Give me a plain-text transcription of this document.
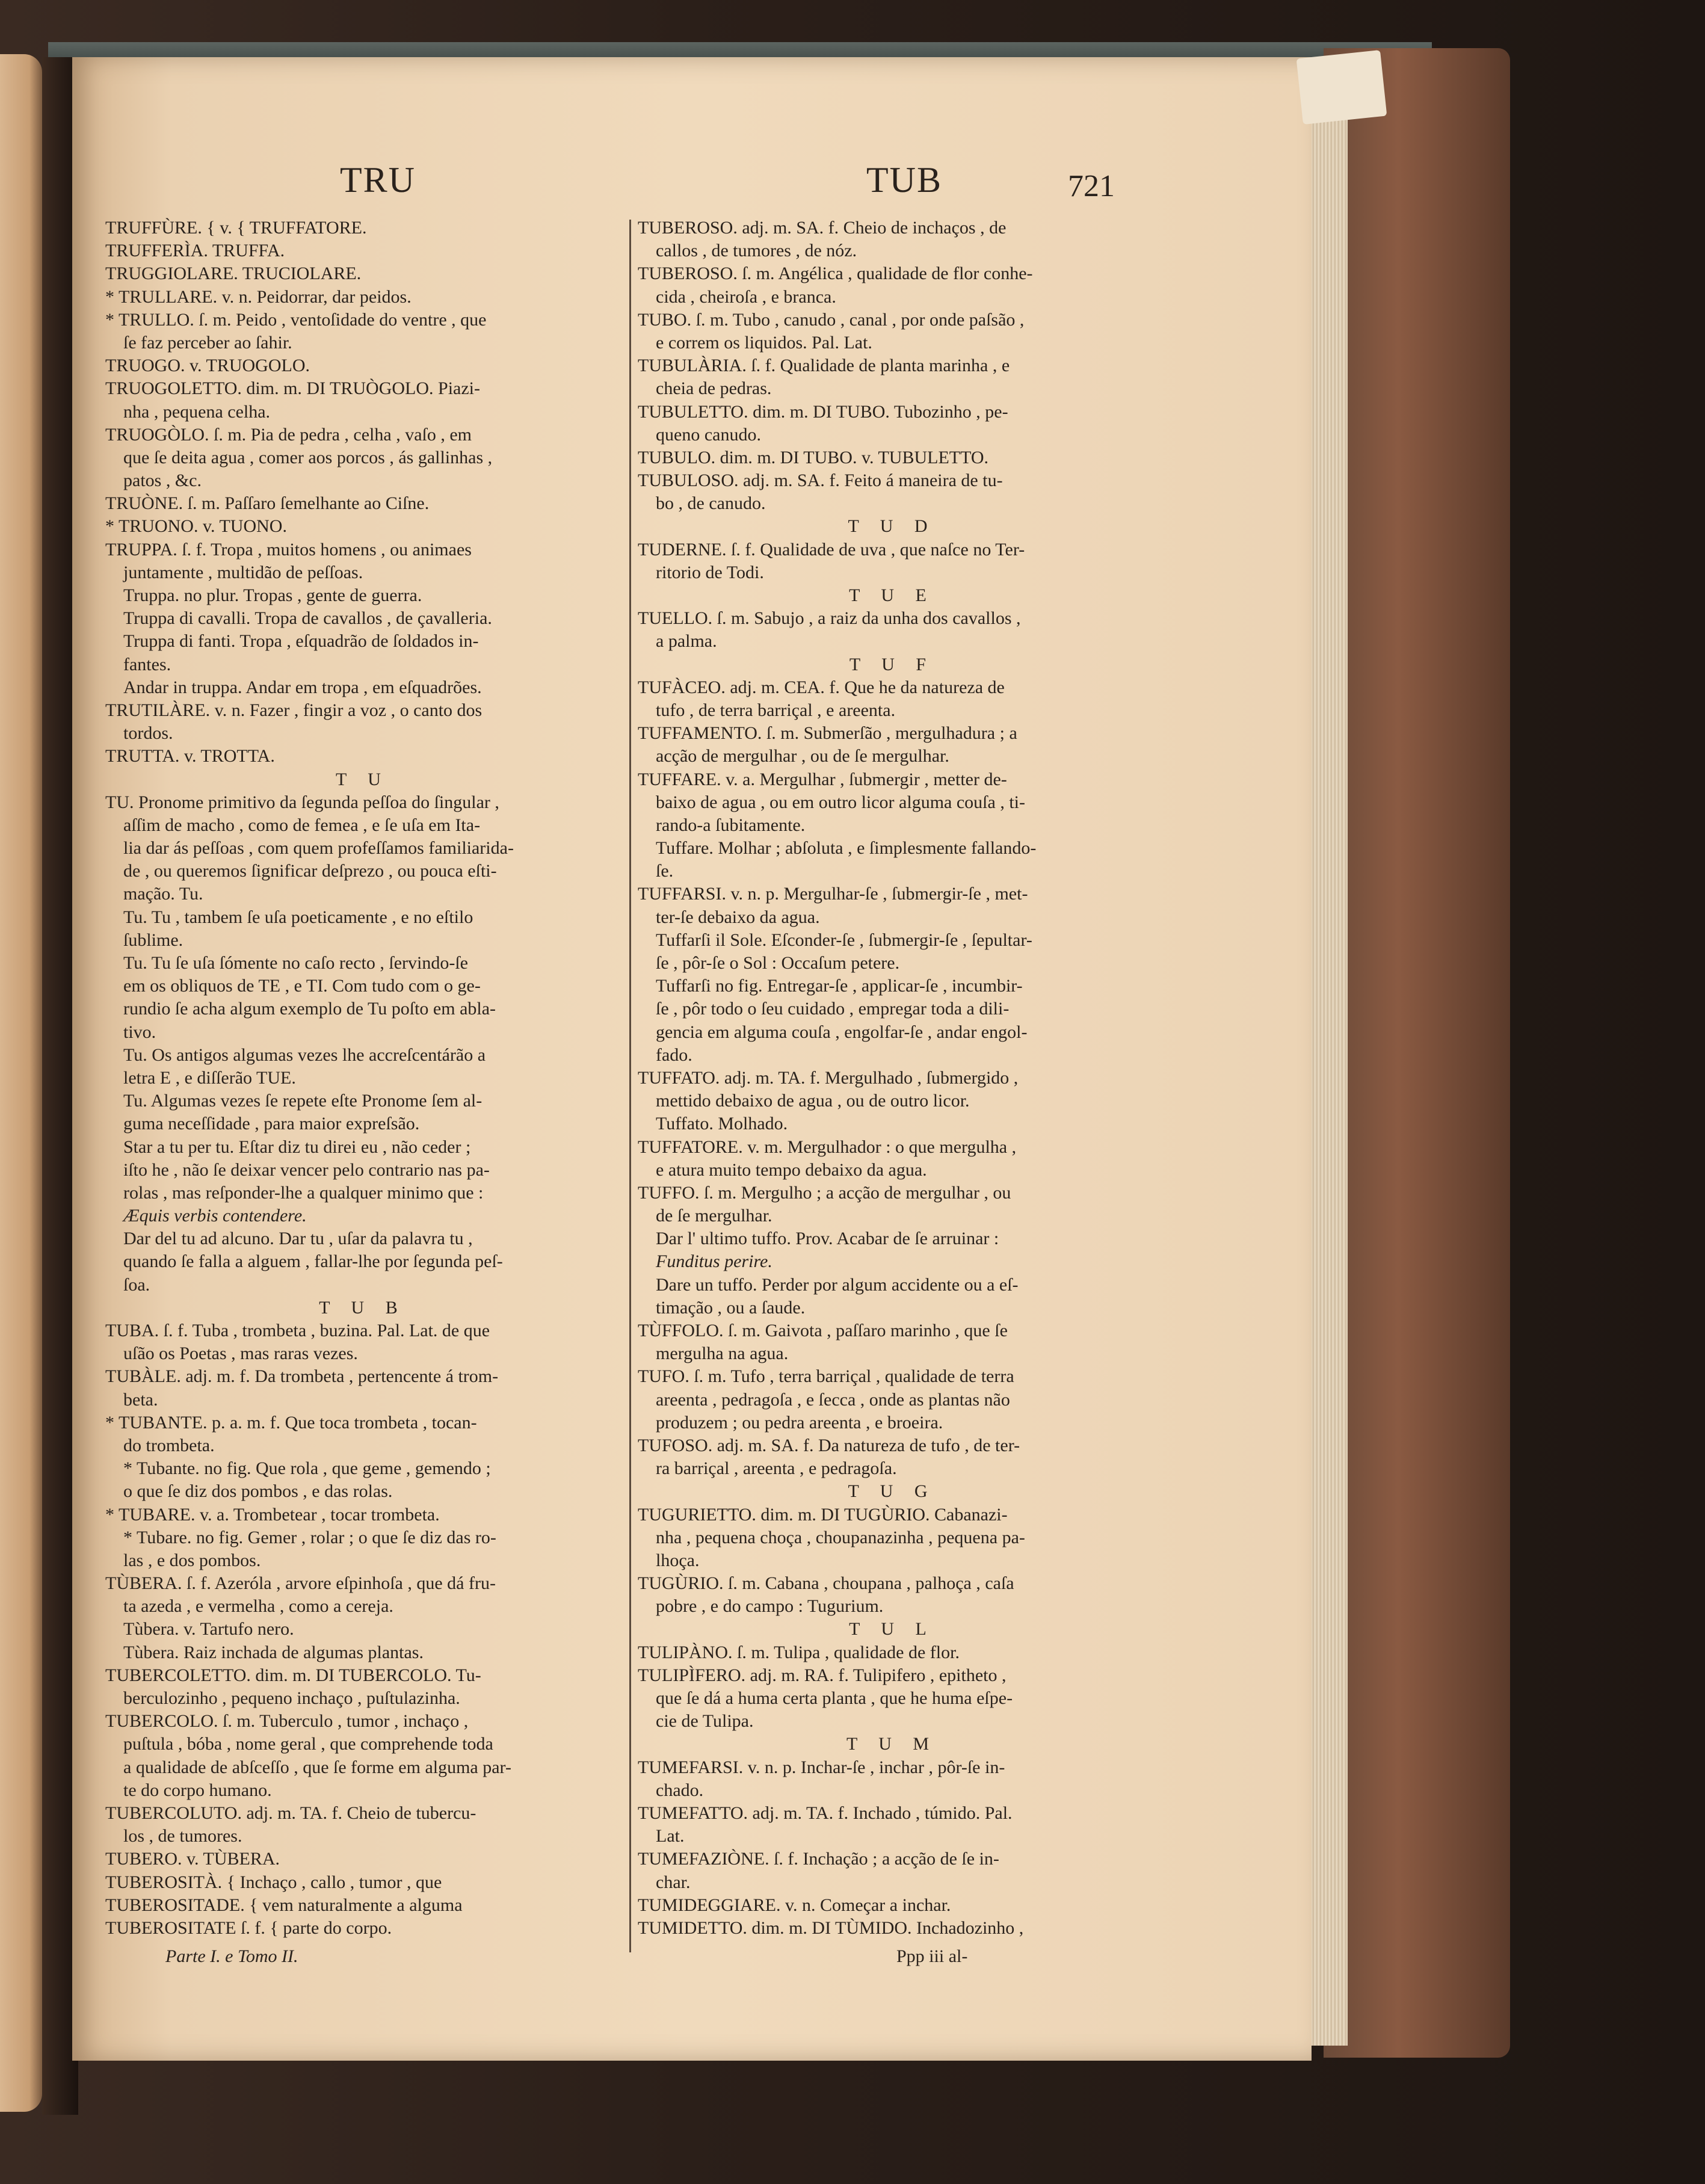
TRU	TUB	721
TRUFFÙRE. { v. { TRUFFATORE.
TRUFFERÌA. TRUFFA.
TRUGGIOLARE. TRUCIOLARE.
* TRULLARE. v. n. Peidorrar, dar peidos.
* TRULLO. ſ. m. Peido , ventoſidade do ventre , que
ſe faz perceber ao ſahir.
TRUOGO. v. TRUOGOLO.
TRUOGOLETTO. dim. m. DI TRUÒGOLO. Piazi-
nha , pequena celha.
TRUOGÒLO. ſ. m. Pia de pedra , celha , vaſo , em
que ſe deita agua , comer aos porcos , ás gallinhas ,
patos , &c.
TRUÒNE. ſ. m. Paſſaro ſemelhante ao Ciſne.
* TRUONO. v. TUONO.
TRUPPA. ſ. f. Tropa , muitos homens , ou animaes
juntamente , multidão de peſſoas.
Truppa. no plur. Tropas , gente de guerra.
Truppa di cavalli. Tropa de cavallos , de çavalleria.
Truppa di fanti. Tropa , eſquadrão de ſoldados in-
fantes.
Andar in truppa. Andar em tropa , em eſquadrões.
TRUTILÀRE. v. n. Fazer , fingir a voz , o canto dos
tordos.
TRUTTA. v. TROTTA.
T U
TU. Pronome primitivo da ſegunda peſſoa do ſingular ,
aſſim de macho , como de femea , e ſe uſa em Ita-
lia dar ás peſſoas , com quem profeſſamos familiarida-
de , ou queremos ſignificar deſprezo , ou pouca eſti-
mação. Tu.
Tu. Tu , tambem ſe uſa poeticamente , e no eſtilo
ſublime.
Tu. Tu ſe uſa ſómente no caſo recto , ſervindo-ſe
em os obliquos de TE , e TI. Com tudo com o ge-
rundio ſe acha algum exemplo de Tu poſto em abla-
tivo.
Tu. Os antigos algumas vezes lhe accreſcentárão a
letra E , e diſſerão TUE.
Tu. Algumas vezes ſe repete eſte Pronome ſem al-
guma neceſſidade , para maior expreſsão.
Star a tu per tu. Eſtar diz tu direi eu , não ceder ;
iſto he , não ſe deixar vencer pelo contrario nas pa-
rolas , mas reſponder-lhe a qualquer minimo que :
Æquis verbis contendere.
Dar del tu ad alcuno. Dar tu , uſar da palavra tu ,
quando ſe falla a alguem , fallar-lhe por ſegunda peſ-
ſoa.
T U B
TUBA. ſ. f. Tuba , trombeta , buzina. Pal. Lat. de que
uſão os Poetas , mas raras vezes.
TUBÀLE. adj. m. f. Da trombeta , pertencente á trom-
beta.
* TUBANTE. p. a. m. f. Que toca trombeta , tocan-
do trombeta.
* Tubante. no fig. Que rola , que geme , gemendo ;
o que ſe diz dos pombos , e das rolas.
* TUBARE. v. a. Trombetear , tocar trombeta.
* Tubare. no fig. Gemer , rolar ; o que ſe diz das ro-
las , e dos pombos.
TÙBERA. ſ. f. Azeróla , arvore eſpinhoſa , que dá fru-
ta azeda , e vermelha , como a cereja.
Tùbera. v. Tartufo nero.
Tùbera. Raiz inchada de algumas plantas.
TUBERCOLETTO. dim. m. DI TUBERCOLO. Tu-
berculozinho , pequeno inchaço , puſtulazinha.
TUBERCOLO. ſ. m. Tuberculo , tumor , inchaço ,
puſtula , bóba , nome geral , que comprehende toda
a qualidade de abſceſſo , que ſe forme em alguma par-
te do corpo humano.
TUBERCOLUTO. adj. m. TA. f. Cheio de tubercu-
los , de tumores.
TUBERO. v. TÙBERA.
TUBEROSITÀ. { Inchaço , callo , tumor , que
TUBEROSITADE. { vem naturalmente a alguma
TUBEROSITATE ſ. f. { parte do corpo.
TUBEROSO. adj. m. SA. f. Cheio de inchaços , de
callos , de tumores , de nóz.
TUBEROSO. ſ. m. Angélica , qualidade de flor conhe-
cida , cheiroſa , e branca.
TUBO. ſ. m. Tubo , canudo , canal , por onde paſsão ,
e correm os liquidos. Pal. Lat.
TUBULÀRIA. ſ. f. Qualidade de planta marinha , e
cheia de pedras.
TUBULETTO. dim. m. DI TUBO. Tubozinho , pe-
queno canudo.
TUBULO. dim. m. DI TUBO. v. TUBULETTO.
TUBULOSO. adj. m. SA. f. Feito á maneira de tu-
bo , de canudo.
T U D
TUDERNE. ſ. f. Qualidade de uva , que naſce no Ter-
ritorio de Todi.
T U E
TUELLO. ſ. m. Sabujo , a raiz da unha dos cavallos ,
a palma.
T U F
TUFÀCEO. adj. m. CEA. f. Que he da natureza de
tufo , de terra barriçal , e areenta.
TUFFAMENTO. ſ. m. Submerſão , mergulhadura ; a
acção de mergulhar , ou de ſe mergulhar.
TUFFARE. v. a. Mergulhar , ſubmergir , metter de-
baixo de agua , ou em outro licor alguma couſa , ti-
rando-a ſubitamente.
Tuffare. Molhar ; abſoluta , e ſimplesmente fallando-
ſe.
TUFFARSI. v. n. p. Mergulhar-ſe , ſubmergir-ſe , met-
ter-ſe debaixo da agua.
Tuffarſi il Sole. Eſconder-ſe , ſubmergir-ſe , ſepultar-
ſe , pôr-ſe o Sol : Occaſum petere.
Tuffarſi no fig. Entregar-ſe , applicar-ſe , incumbir-
ſe , pôr todo o ſeu cuidado , empregar toda a dili-
gencia em alguma couſa , engolfar-ſe , andar engol-
fado.
TUFFATO. adj. m. TA. f. Mergulhado , ſubmergido ,
mettido debaixo de agua , ou de outro licor.
Tuffato. Molhado.
TUFFATORE. v. m. Mergulhador : o que mergulha ,
e atura muito tempo debaixo da agua.
TUFFO. ſ. m. Mergulho ; a acção de mergulhar , ou
de ſe mergulhar.
Dar l' ultimo tuffo. Prov. Acabar de ſe arruinar :
Funditus perire.
Dare un tuffo. Perder por algum accidente ou a eſ-
timação , ou a ſaude.
TÙFFOLO. ſ. m. Gaivota , paſſaro marinho , que ſe
mergulha na agua.
TUFO. ſ. m. Tufo , terra barriçal , qualidade de terra
areenta , pedragoſa , e ſecca , onde as plantas não
produzem ; ou pedra areenta , e broeira.
TUFOSO. adj. m. SA. f. Da natureza de tufo , de ter-
ra barriçal , areenta , e pedragoſa.
T U G
TUGURIETTO. dim. m. DI TUGÙRIO. Cabanazi-
nha , pequena choça , choupanazinha , pequena pa-
lhoça.
TUGÙRIO. ſ. m. Cabana , choupana , palhoça , caſa
pobre , e do campo : Tugurium.
T U L
TULIPÀNO. ſ. m. Tulipa , qualidade de flor.
TULIPÌFERO. adj. m. RA. f. Tulipifero , epitheto ,
que ſe dá a huma certa planta , que he huma eſpe-
cie de Tulipa.
T U M
TUMEFARSI. v. n. p. Inchar-ſe , inchar , pôr-ſe in-
chado.
TUMEFATTO. adj. m. TA. f. Inchado , túmido. Pal.
Lat.
TUMEFAZIÒNE. ſ. f. Inchação ; a acção de ſe in-
char.
TUMIDEGGIARE. v. n. Começar a inchar.
TUMIDETTO. dim. m. DI TÙMIDO. Inchadozinho ,
Parte I. e Tomo II.	Ppp iii al-
